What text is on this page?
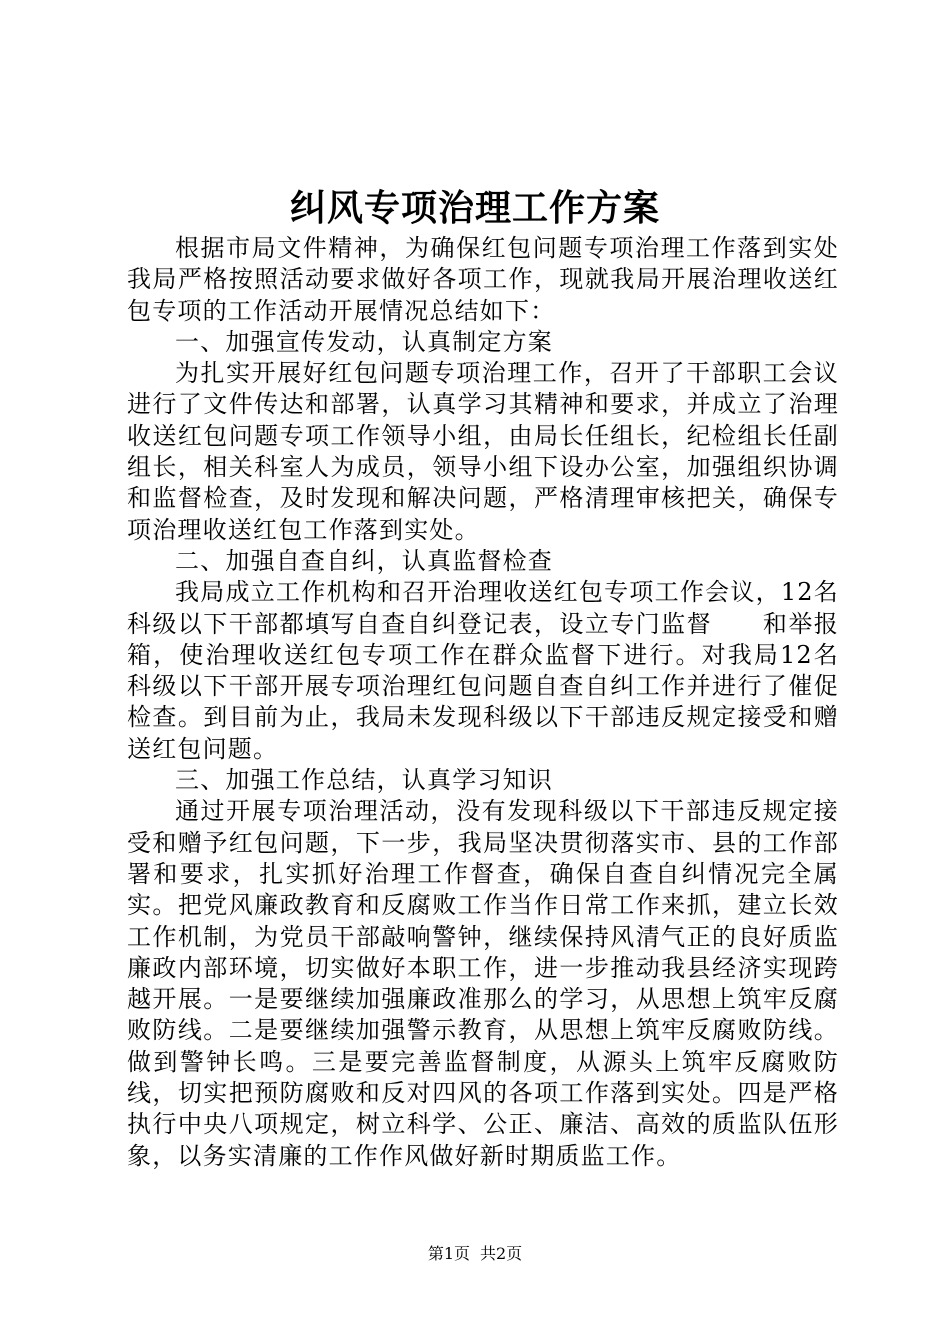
纠风专项治理工作方案

根据市局文件精神，为确保红包问题专项治理工作落到实处我局严格按照活动要求做好各项工作，现就我局开展治理收送红包专项的工作活动开展情况总结如下：

一、加强宣传发动，认真制定方案

为扎实开展好红包问题专项治理工作，召开了干部职工会议进行了文件传达和部署，认真学习其精神和要求，并成立了治理收送红包问题专项工作领导小组，由局长任组长，纪检组长任副组长，相关科室人为成员，领导小组下设办公室，加强组织协调和监督检查，及时发现和解决问题，严格清理审核把关，确保专项治理收送红包工作落到实处。

二、加强自查自纠，认真监督检查

我局成立工作机构和召开治理收送红包专项工作会议，12名科级以下干部都填写自查自纠登记表，设立专门监督　　和举报箱，使治理收送红包专项工作在群众监督下进行。对我局12名科级以下干部开展专项治理红包问题自查自纠工作并进行了催促检查。到目前为止，我局未发现科级以下干部违反规定接受和赠送红包问题。

三、加强工作总结，认真学习知识

通过开展专项治理活动，没有发现科级以下干部违反规定接受和赠予红包问题，下一步，我局坚决贯彻落实市、县的工作部署和要求，扎实抓好治理工作督查，确保自查自纠情况完全属实。把党风廉政教育和反腐败工作当作日常工作来抓，建立长效工作机制，为党员干部敲响警钟，继续保持风清气正的良好质监廉政内部环境，切实做好本职工作，进一步推动我县经济实现跨越开展。一是要继续加强廉政准那么的学习，从思想上筑牢反腐败防线。二是要继续加强警示教育，从思想上筑牢反腐败防线。做到警钟长鸣。三是要完善监督制度，从源头上筑牢反腐败防线，切实把预防腐败和反对四风的各项工作落到实处。四是严格执行中央八项规定，树立科学、公正、廉洁、高效的质监队伍形象，以务实清廉的工作作风做好新时期质监工作。

第1页 共2页
